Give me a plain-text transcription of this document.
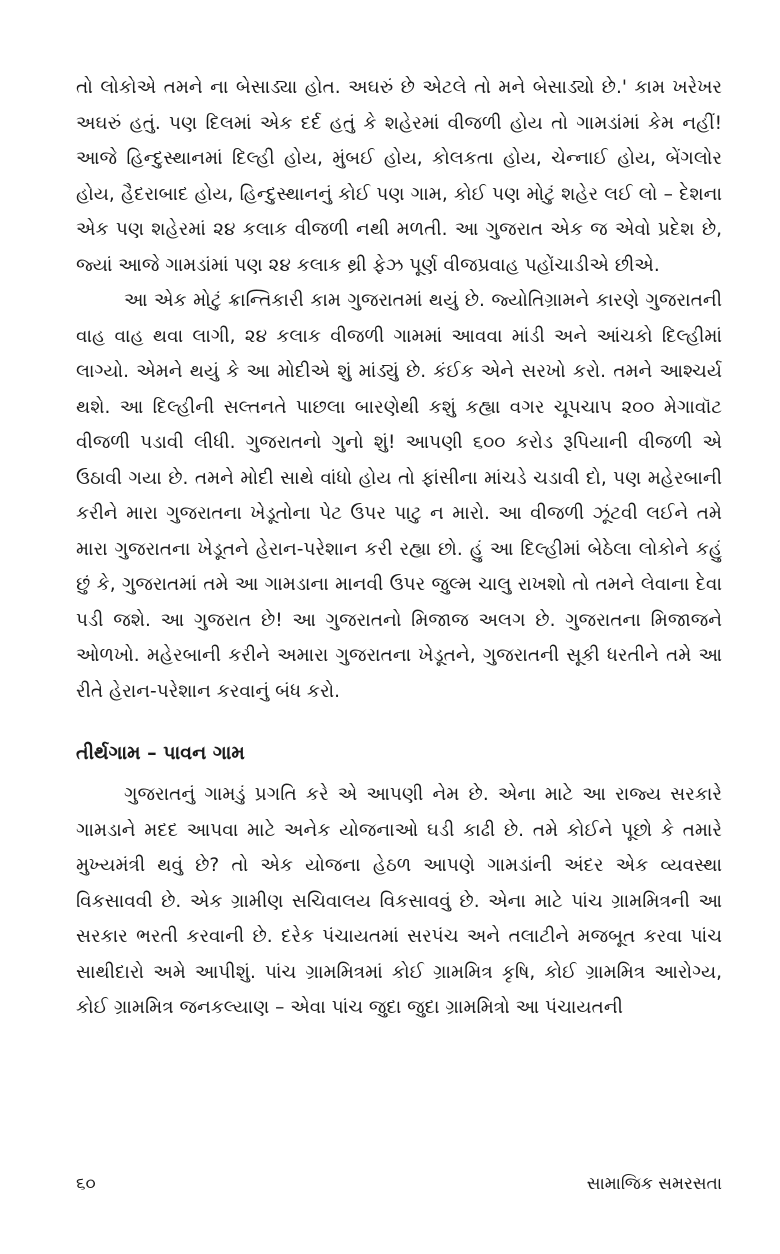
તો લોકોએ તમને ના બેસાડ્યા હોત. અઘરું છે એટલે તો મને બેસાડ્યો છે.' કામ ખરેખર અઘરું હતું. પણ દિલમાં એક દર્દ હતું કે શહેરમાં વીજળી હોય તો ગામડાંમાં કેમ નહીં! આજે હિન્દુસ્થાનમાં દિલ્હી હોય, મુંબઈ હોય, કોલકતા હોય, ચેન્નાઈ હોય, બેંગલોર હોય, હૈદરાબાદ હોય, હિન્દુસ્થાનનું કોઈ પણ ગામ, કોઈ પણ મોટું શહેર લઈ લો – દેશના એક પણ શહેરમાં ૨૪ કલાક વીજળી નથી મળતી. આ ગુજરાત એક જ એવો પ્રદેશ છે, જ્યાં આજે ગામડાંમાં પણ ૨૪ કલાક થ્રી ફેઝ પૂર્ણ વીજપ્રવાહ પહોંચાડીએ છીએ.

આ એક મોટું ક્રાન્તિકારી કામ ગુજરાતમાં થયું છે. જ્યોતિગ્રામને કારણે ગુજરાતની વાહ વાહ થવા લાગી, ૨૪ કલાક વીજળી ગામમાં આવવા માંડી અને આંચકો દિલ્હીમાં લાગ્યો. એમને થયું કે આ મોદીએ શું માંડ્યું છે. કંઈક એને સરખો કરો. તમને આશ્ચર્ય થશે. આ દિલ્હીની સલ્તનતે પાછલા બારણેથી કશું કહ્યા વગર ચૂપચાપ ૨૦૦ મેગાવૉટ વીજળી પડાવી લીધી. ગુજરાતનો ગુનો શું! આપણી ૬૦૦ કરોડ રૂપિયાની વીજળી એ ઉઠાવી ગયા છે. તમને મોદી સાથે વાંધો હોય તો ફાંસીના માંચડે ચડાવી દો, પણ મહેરબાની કરીને મારા ગુજરાતના ખેડૂતોના પેટ ઉપર પાટુ ન મારો. આ વીજળી ઝૂંટવી લઈને તમે મારા ગુજરાતના ખેડૂતને હેરાન-પરેશાન કરી રહ્યા છો. હું આ દિલ્હીમાં બેઠેલા લોકોને કહું છું કે, ગુજરાતમાં તમે આ ગામડાના માનવી ઉપર જુલ્મ ચાલુ રાખશો તો તમને લેવાના દેવા પડી જશે. આ ગુજરાત છે! આ ગુજરાતનો મિજાજ અલગ છે. ગુજરાતના મિજાજને ઓળખો. મહેરબાની કરીને અમારા ગુજરાતના ખેડૂતને, ગુજરાતની સૂકી ધરતીને તમે આ રીતે હેરાન-પરેશાન કરવાનું બંધ કરો.

તીર્થગામ – પાવન ગામ

ગુજરાતનું ગામડું પ્રગતિ કરે એ આપણી નેમ છે. એના માટે આ રાજ્ય સરકારે ગામડાને મદદ આપવા માટે અનેક યોજનાઓ ઘડી કાઢી છે. તમે કોઈને પૂછો કે તમારે મુખ્યમંત્રી થવું છે? તો એક યોજના હેઠળ આપણે ગામડાંની અંદર એક વ્યવસ્થા વિકસાવવી છે. એક ગ્રામીણ સચિવાલય વિકસાવવું છે. એના માટે પાંચ ગ્રામમિત્રની આ સરકાર ભરતી કરવાની છે. દરેક પંચાયતમાં સરપંચ અને તલાટીને મજબૂત કરવા પાંચ સાથીદારો અમે આપીશું. પાંચ ગ્રામમિત્રમાં કોઈ ગ્રામમિત્ર કૃષિ, કોઈ ગ્રામમિત્ર આરોગ્ય, કોઈ ગ્રામમિત્ર જનકલ્યાણ – એવા પાંચ જુદા જુદા ગ્રામમિત્રો આ પંચાયતની

૬૦	સામાજિક સમરસતા
